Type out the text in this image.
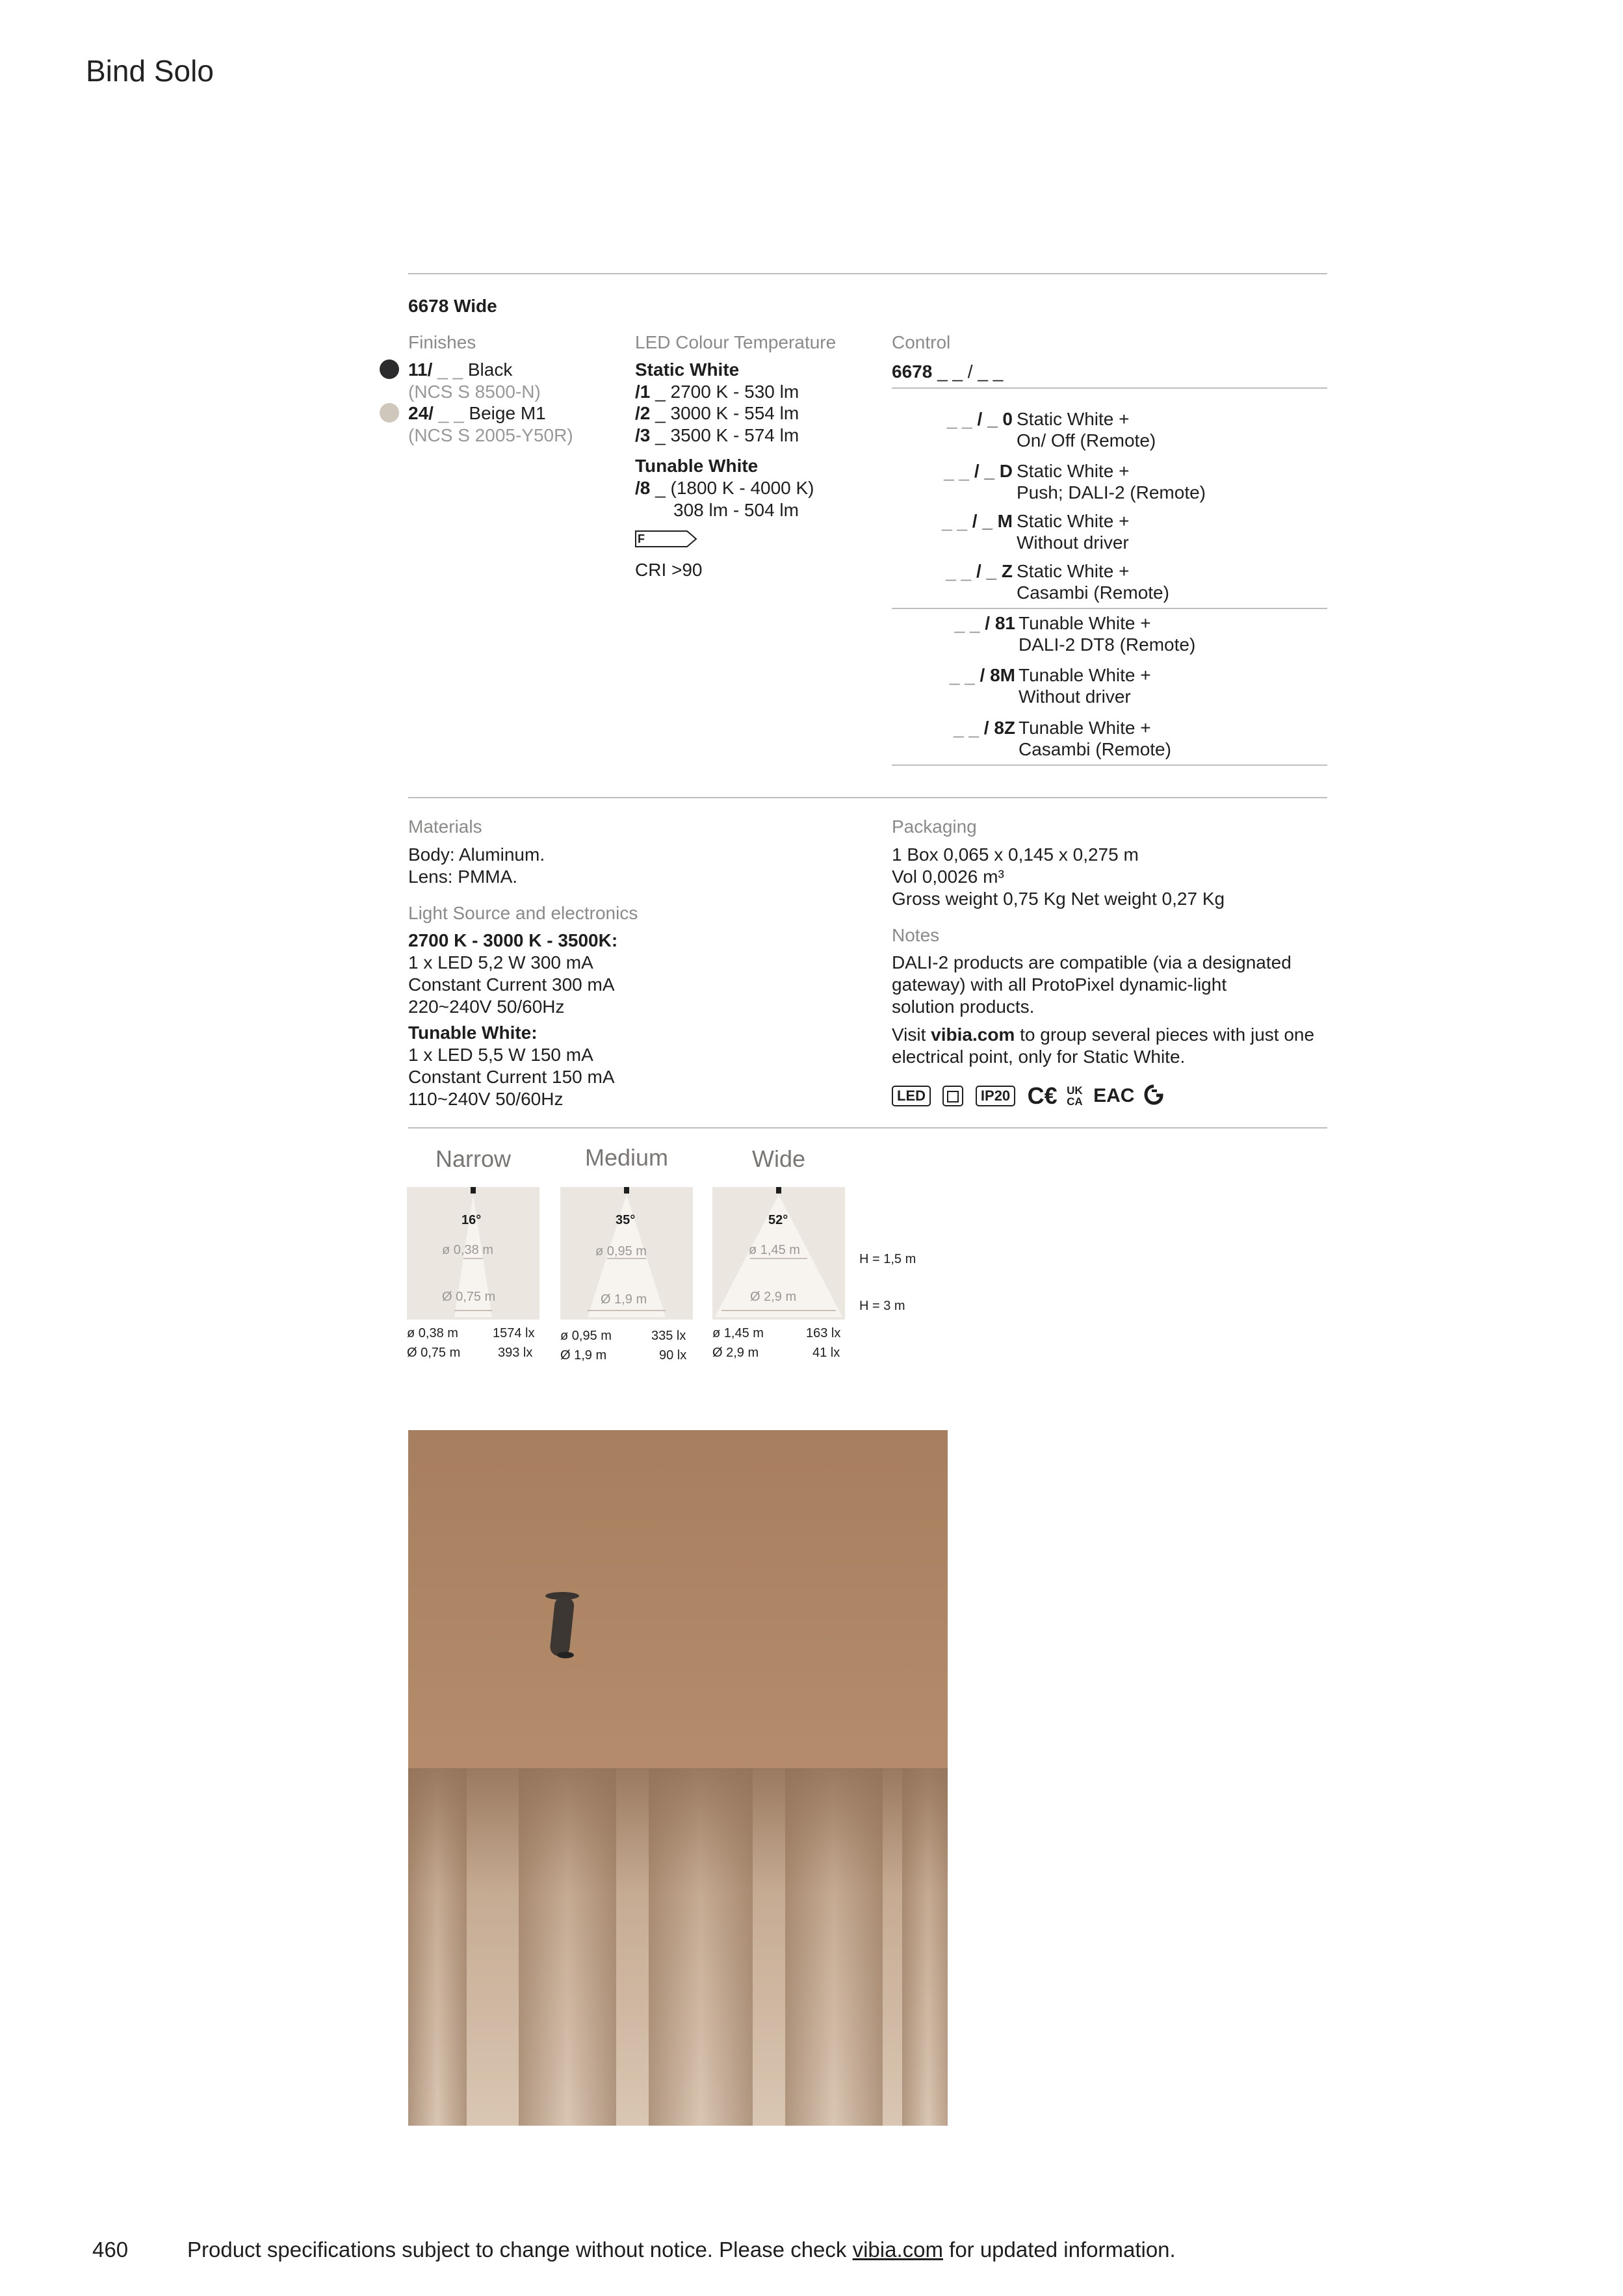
Bind Solo
6678 Wide
Finishes
11/ _ _ Black
(NCS S 8500-N)
24/ _ _ Beige M1
(NCS S 2005-Y50R)
LED Colour Temperature
Static White
/1 _ 2700 K - 530 lm
/2 _ 3000 K - 554 lm
/3 _ 3500 K - 574 lm
Tunable White
/8 _ (1800 K - 4000 K)
308 lm - 504 lm
F
CRI >90
Control
6678 _ _ / _ _
_ _ / _ 0 Static White +
On/ Off (Remote)
_ _ / _ D Static White +
Push; DALI-2 (Remote)
_ _ / _ M Static White +
Without driver
_ _ / _ Z Static White +
Casambi (Remote)
_ _ / 81 Tunable White +
DALI-2 DT8 (Remote)
_ _ / 8M Tunable White +
Without driver
_ _ / 8Z Tunable White +
Casambi (Remote)
Materials
Body: Aluminum.
Lens: PMMA.
Light Source and electronics
2700 K - 3000 K - 3500K:
1 x LED 5,2 W 300 mA
Constant Current 300 mA
220~240V 50/60Hz
Tunable White:
1 x LED 5,5 W 150 mA
Constant Current 150 mA
110~240V 50/60Hz
Packaging
1 Box 0,065 x 0,145 x 0,275 m
Vol 0,0026 m³
Gross weight 0,75 Kg Net weight 0,27 Kg
Notes
DALI-2 products are compatible (via a designated
gateway) with all ProtoPixel dynamic-light
solution products.
Visit vibia.com to group several pieces with just one
electrical point, only for Static White.
LED	IP20 C€ UK
CA EAC
Narrow	Medium	Wide
16°
ø 0,38 m
Ø 0,75 m
35°
ø 0,95 m
Ø 1,9 m
52°
ø 1,45 m
Ø 2,9 m
H = 1,5 m
H = 3 m
ø 0,38 m	1574 lx
Ø 0,75 m	393 lx
ø 0,95 m	335 lx
Ø 1,9 m	90 lx
ø 1,45 m	163 lx
Ø 2,9 m	41 lx
460	Product specifications subject to change without notice. Please check vibia.com for updated information.
